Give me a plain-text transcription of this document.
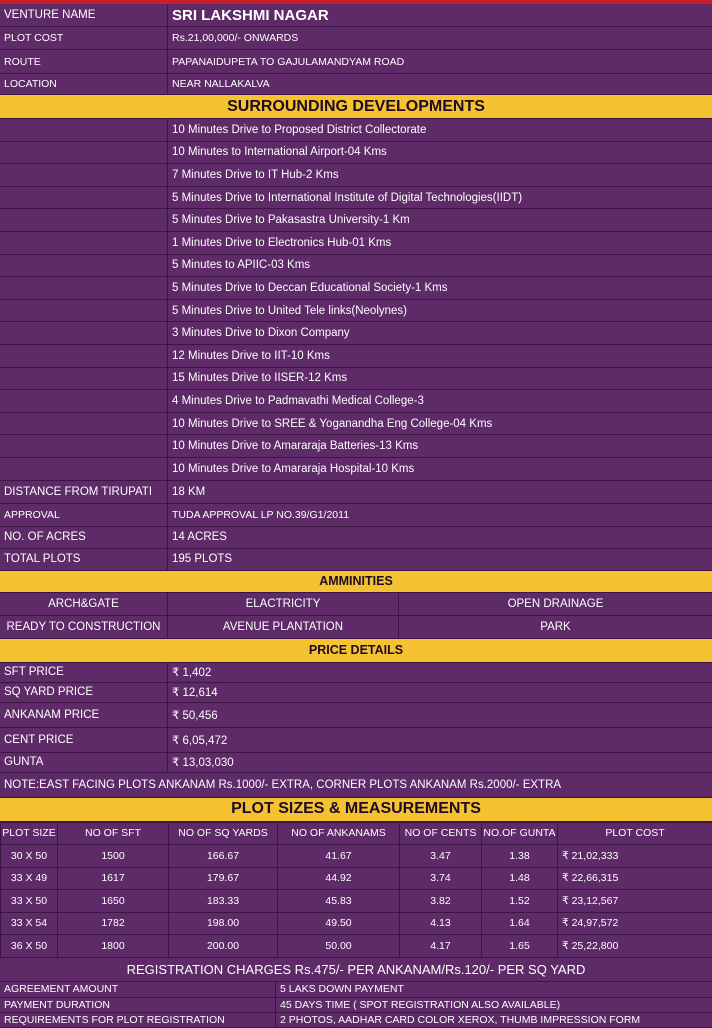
VENTURE NAME	SRI LAKSHMI NAGAR
PLOT COST	Rs.21,00,000/- ONWARDS
ROUTE	PAPANAIDUPETA TO GAJULAMANDYAM ROAD
LOCATION	NEAR NALLAKALVA
SURROUNDING DEVELOPMENTS
10 Minutes Drive to Proposed District Collectorate
10 Minutes to International Airport-04 Kms
7 Minutes Drive to IT Hub-2 Kms
5 Minutes Drive to International Institute of Digital Technologies(IIDT)
5 Minutes Drive to Pakasastra University-1 Km
1 Minutes Drive to Electronics Hub-01 Kms
5 Minutes to APIIC-03 Kms
5 Minutes Drive to Deccan Educational Society-1 Kms
5 Minutes Drive to United Tele links(Neolynes)
3 Minutes Drive to Dixon Company
12 Minutes Drive to IIT-10 Kms
15 Minutes Drive to IISER-12 Kms
4 Minutes Drive to Padmavathi Medical College-3
10 Minutes Drive to SREE & Yoganandha Eng College-04 Kms
10 Minutes Drive to Amararaja Batteries-13 Kms
10 Minutes Drive to Amararaja Hospital-10 Kms
DISTANCE FROM TIRUPATI	18 KM
APPROVAL	TUDA APPROVAL LP NO.39/G1/2011
NO. OF ACRES	14 ACRES
TOTAL PLOTS	195 PLOTS
AMMINITIES
ARCH&GATE	ELACTRICITY	OPEN DRAINAGE
READY TO CONSTRUCTION	AVENUE PLANTATION	PARK
PRICE DETAILS
SFT PRICE	₹ 1,402
SQ YARD PRICE	₹ 12,614
ANKANAM PRICE	₹ 50,456
CENT PRICE	₹ 6,05,472
GUNTA	₹ 13,03,030
NOTE:EAST FACING PLOTS ANKANAM Rs.1000/- EXTRA, CORNER PLOTS ANKANAM Rs.2000/- EXTRA
PLOT SIZES & MEASUREMENTS
PLOT SIZE	NO OF SFT	NO OF SQ YARDS	NO OF ANKANAMS	NO OF CENTS	NO.OF GUNTA	PLOT COST
30 X 50	1500	166.67	41.67	3.47	1.38	₹ 21,02,333
33 X 49	1617	179.67	44.92	3.74	1.48	₹ 22,66,315
33 X 50	1650	183.33	45.83	3.82	1.52	₹ 23,12,567
33 X 54	1782	198.00	49.50	4.13	1.64	₹ 24,97,572
36 X 50	1800	200.00	50.00	4.17	1.65	₹ 25,22,800
REGISTRATION CHARGES Rs.475/- PER ANKANAM/Rs.120/- PER SQ YARD
AGREEMENT AMOUNT	5 LAKS DOWN PAYMENT
PAYMENT DURATION	45 DAYS TIME ( SPOT REGISTRATION ALSO AVAILABLE)
REQUIREMENTS FOR PLOT REGISTRATION	2 PHOTOS, AADHAR CARD COLOR XEROX, THUMB IMPRESSION FORM
